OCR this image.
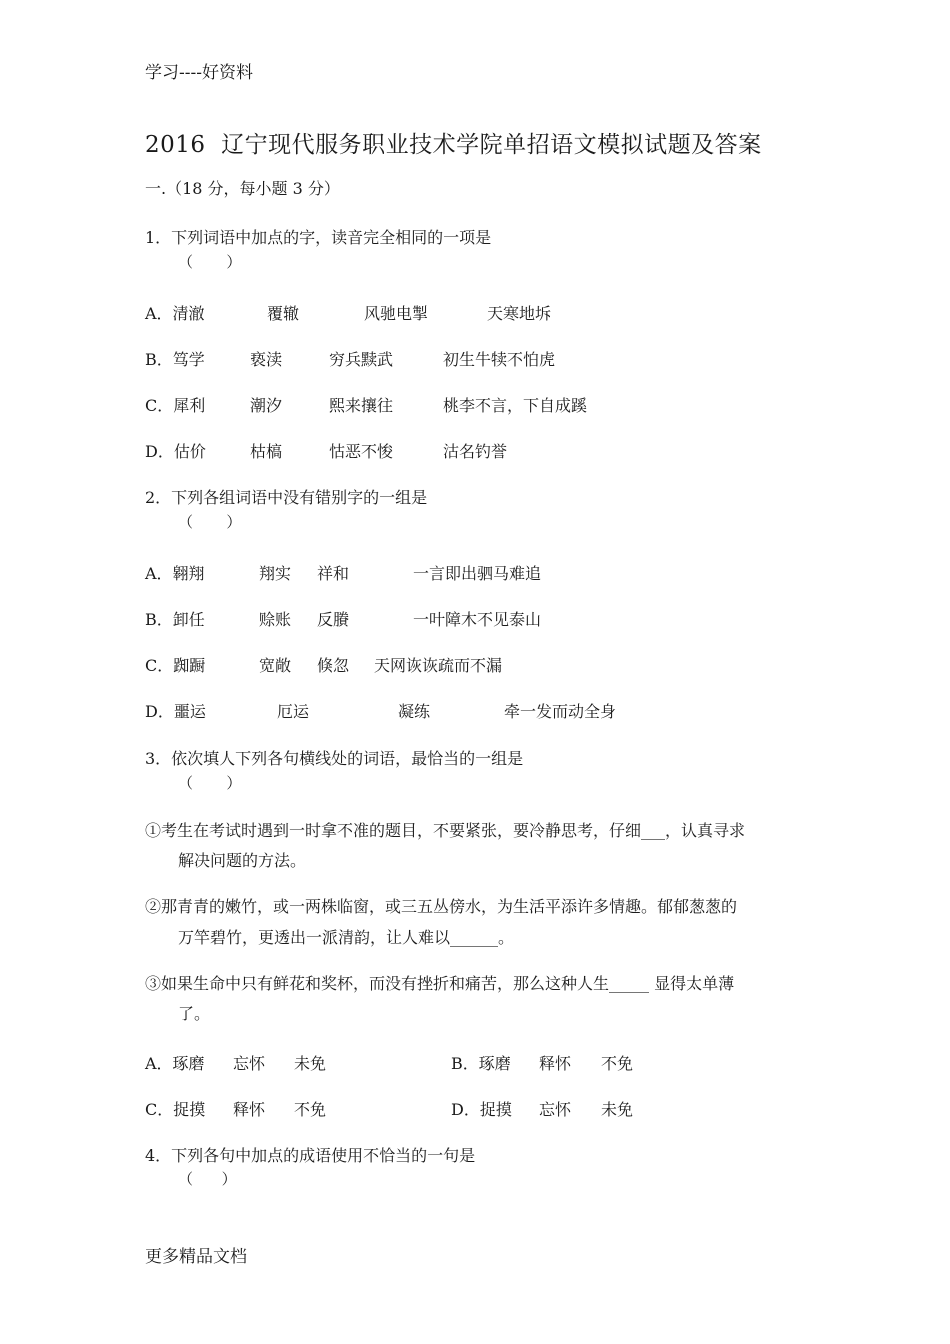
学习----好资料
2016  辽宁现代服务职业技术学院单招语文模拟试题及答案
一.（18 分，每小题 3 分）
1．下列词语中加点的字，读音完全相同的一项是
（       ）
A．清澈	覆辙	风驰电掣	天寒地坼
B．笃学	亵渎	穷兵黩武	初生牛犊不怕虎
C．犀利	潮汐	熙来攘往	桃李不言，下自成蹊
D．估价	枯槁	怙恶不悛	沽名钓誉
2．下列各组词语中没有错别字的一组是
（       ）
A．翱翔	翔实 祥和	一言即出驷马难追
B．卸任	赊账 反賸	一叶障木不见泰山
C．踟蹰	宽敞 倏忽 天网诙诙疏而不漏
D．噩运	厄运	凝练	牵一发而动全身
3．依次填人下列各句横线处的词语，最恰当的一组是
（       ）
①考生在考试时遇到一时拿不准的题目，不要紧张，要冷静思考，仔细___，认真寻求
解决问题的方法。
②那青青的嫩竹，或一两株临窗，或三五丛傍水，为生活平添许多情趣。郁郁葱葱的
万竿碧竹，更透出一派清韵，让人难以______。
③如果生命中只有鲜花和奖杯，而没有挫折和痛苦，那么这种人生_____ 显得太单薄
了。
A．琢磨 忘怀 未免	B．琢磨 释怀 不免
C．捉摸 释怀 不免	D．捉摸 忘怀 未免
4．下列各句中加点的成语使用不恰当的一句是
（      ）
更多精品文档
